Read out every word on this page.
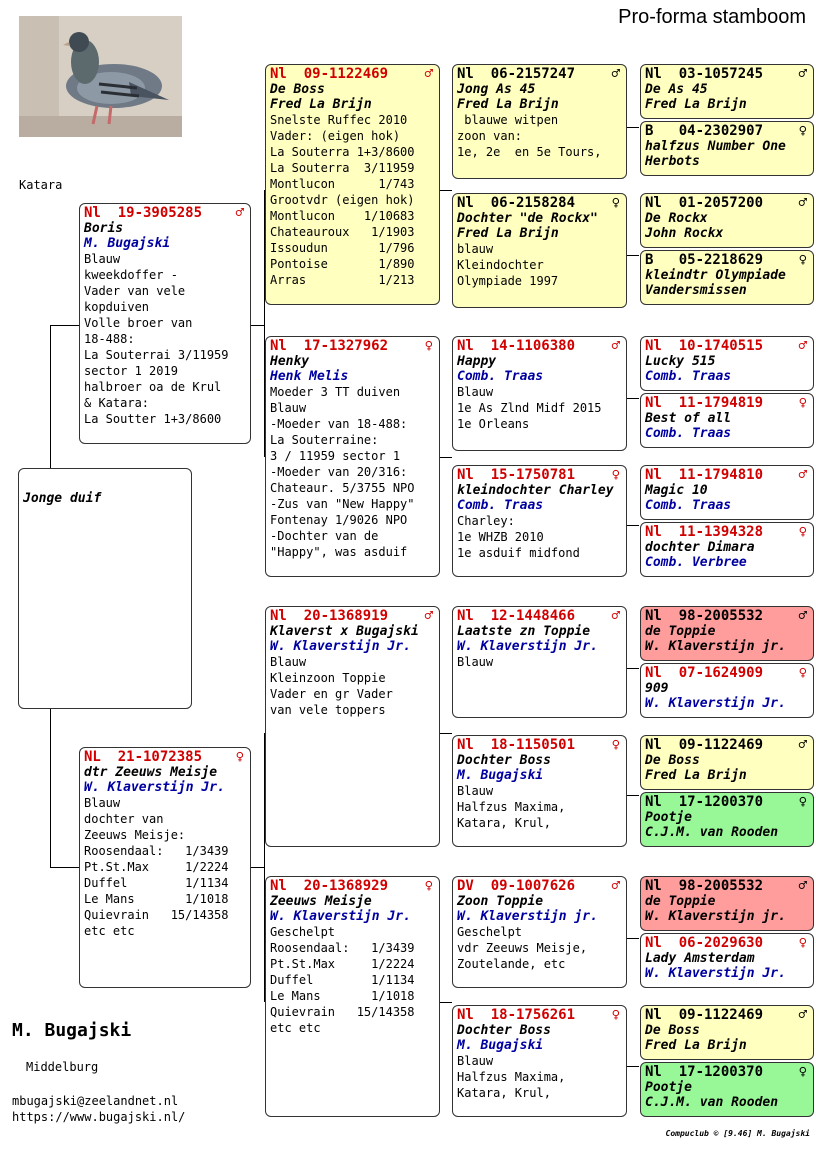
Pro-forma stamboom
Katara
Jonge duif
Nl  19-3905285 ♂
Boris
M. Bugajski
Blauw
kweekdoffer -
Vader van vele
kopduiven
Volle broer van
18-488:
La Souterrai 3/11959
sector 1 2019
halbroer oa de Krul
& Katara:
La Soutter 1+3/8600
NL  21-1072385 ♀
dtr Zeeuws Meisje
W. Klaverstijn Jr.
Blauw
dochter van
Zeeuws Meisje:
Roosendaal:   1/3439
Pt.St.Max     1/2224
Duffel        1/1134
Le Mans       1/1018
Quievrain   15/14358
etc etc
Nl  09-1122469	♂
De Boss
Fred La Brijn
Snelste Ruffec 2010
Vader: (eigen hok)
La Souterra 1+3/8600
La Souterra  3/11959
Montlucon      1/743
Grootvdr (eigen hok)
Montlucon    1/10683
Chateauroux   1/1903
Issoudun       1/796
Pontoise       1/890
Arras          1/213
Nl  17-1327962	♀
Henky
Henk Melis
Moeder 3 TT duiven
Blauw
-Moeder van 18-488:
La Souterraine:
3 / 11959 sector 1
-Moeder van 20/316:
Chateaur. 5/3755 NPO
-Zus van "New Happy"
Fontenay 1/9026 NPO
-Dochter van de
"Happy", was asduif
Nl  20-1368919	♂
Klaverst x Bugajski
W. Klaverstijn Jr.
Blauw
Kleinzoon Toppie
Vader en gr Vader
van vele toppers
Nl  20-1368929	♀
Zeeuws Meisje
W. Klaverstijn Jr.
Geschelpt
Roosendaal:   1/3439
Pt.St.Max     1/2224
Duffel        1/1134
Le Mans       1/1018
Quievrain   15/14358
etc etc
Nl  06-2157247	♂
Jong As 45
Fred La Brijn
blauwe witpen
zoon van:
1e, 2e  en 5e Tours,
Nl  06-2158284	♀
Dochter "de Rockx"
Fred La Brijn
blauw
Kleindochter
Olympiade 1997
Nl  14-1106380	♂
Happy
Comb. Traas
Blauw
1e As Zlnd Midf 2015
1e Orleans
Nl  15-1750781	♀
kleindochter Charley
Comb. Traas
Charley:
1e WHZB 2010
1e asduif midfond
Nl  12-1448466	♂
Laatste zn Toppie
W. Klaverstijn Jr.
Blauw
Nl  18-1150501	♀
Dochter Boss
M. Bugajski
Blauw
Halfzus Maxima,
Katara, Krul,
DV  09-1007626	♂
Zoon Toppie
W. Klaverstijn jr.
Geschelpt
vdr Zeeuws Meisje,
Zoutelande, etc
Nl  18-1756261	♀
Dochter Boss
M. Bugajski
Blauw
Halfzus Maxima,
Katara, Krul,
Nl  03-1057245	♂
De As 45
Fred La Brijn
B   04-2302907	♀
halfzus Number One
Herbots
Nl  01-2057200	♂
De Rockx
John Rockx
B   05-2218629	♀
kleindtr Olympiade
Vandersmissen
Nl  10-1740515	♂
Lucky 515
Comb. Traas
Nl  11-1794819	♀
Best of all
Comb. Traas
Nl  11-1794810	♂
Magic 10
Comb. Traas
Nl  11-1394328	♀
dochter Dimara
Comb. Verbree
Nl  98-2005532	♂
de Toppie
W. Klaverstijn jr.
Nl  07-1624909	♀
909
W. Klaverstijn Jr.
Nl  09-1122469	♂
De Boss
Fred La Brijn
Nl  17-1200370	♀
Pootje
C.J.M. van Rooden
Nl  98-2005532	♂
de Toppie
W. Klaverstijn jr.
Nl  06-2029630	♀
Lady Amsterdam
W. Klaverstijn Jr.
Nl  09-1122469	♂
De Boss
Fred La Brijn
Nl  17-1200370	♀
Pootje
C.J.M. van Rooden
M. Bugajski
Middelburg
mbugajski@zeelandnet.nl
https://www.bugajski.nl/
Compuclub © [9.46] M. Bugajski
